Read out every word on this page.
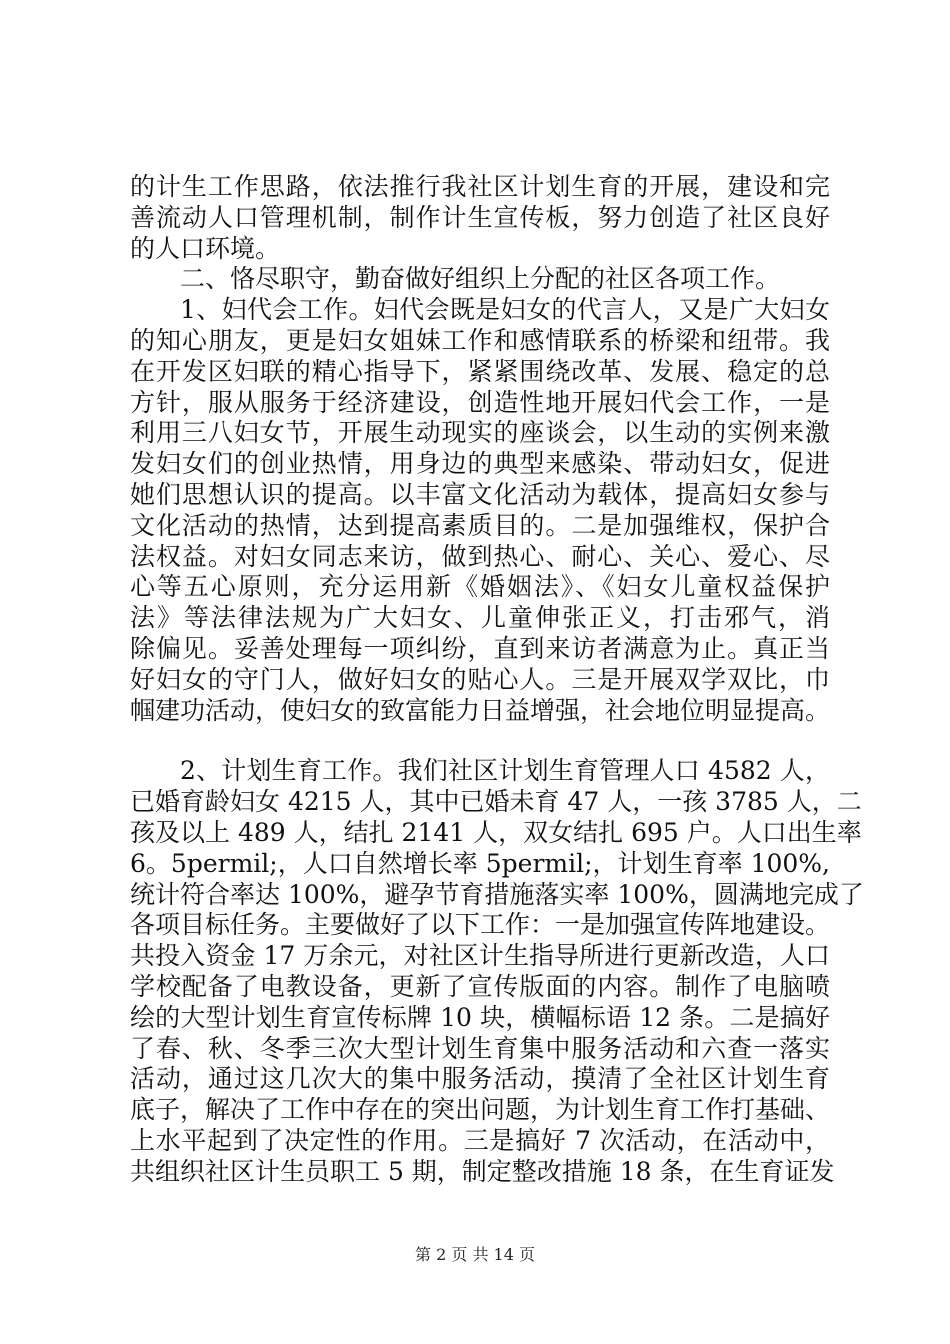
的计生工作思路，依法推行我社区计划生育的开展，建设和完
善流动人口管理机制，制作计生宣传板，努力创造了社区良好
的人口环境。
二、恪尽职守，勤奋做好组织上分配的社区各项工作。
1、妇代会工作。妇代会既是妇女的代言人，又是广大妇女
的知心朋友，更是妇女姐妹工作和感情联系的桥梁和纽带。我
在开发区妇联的精心指导下，紧紧围绕改革、发展、稳定的总
方针，服从服务于经济建设，创造性地开展妇代会工作，一是
利用三八妇女节，开展生动现实的座谈会，以生动的实例来激
发妇女们的创业热情，用身边的典型来感染、带动妇女，促进
她们思想认识的提高。以丰富文化活动为载体，提高妇女参与
文化活动的热情，达到提高素质目的。二是加强维权，保护合
法权益。对妇女同志来访，做到热心、耐心、关心、爱心、尽
心等五心原则，充分运用新《婚姻法》、《妇女儿童权益保护
法》等法律法规为广大妇女、儿童伸张正义，打击邪气，消
除偏见。妥善处理每一项纠纷，直到来访者满意为止。真正当
好妇女的守门人，做好妇女的贴心人。三是开展双学双比，巾
帼建功活动，使妇女的致富能力日益增强，社会地位明显提高。
2、计划生育工作。我们社区计划生育管理人口 4582 人，
已婚育龄妇女 4215 人，其中已婚未育 47 人，一孩 3785 人，二
孩及以上 489 人，结扎 2141 人，双女结扎 695 户。人口出生率
6。5permil;，人口自然增长率 5permil;，计划生育率 100%,
统计符合率达 100%，避孕节育措施落实率 100%，圆满地完成了
各项目标任务。主要做好了以下工作：一是加强宣传阵地建设。
共投入资金 17 万余元，对社区计生指导所进行更新改造，人口
学校配备了电教设备，更新了宣传版面的内容。制作了电脑喷
绘的大型计划生育宣传标牌 10 块，横幅标语 12 条。二是搞好
了春、秋、冬季三次大型计划生育集中服务活动和六查一落实
活动，通过这几次大的集中服务活动，摸清了全社区计划生育
底子，解决了工作中存在的突出问题，为计划生育工作打基础、
上水平起到了决定性的作用。三是搞好 7 次活动，在活动中，
共组织社区计生员职工 5 期，制定整改措施 18 条，在生育证发
第 2 页 共 14 页
